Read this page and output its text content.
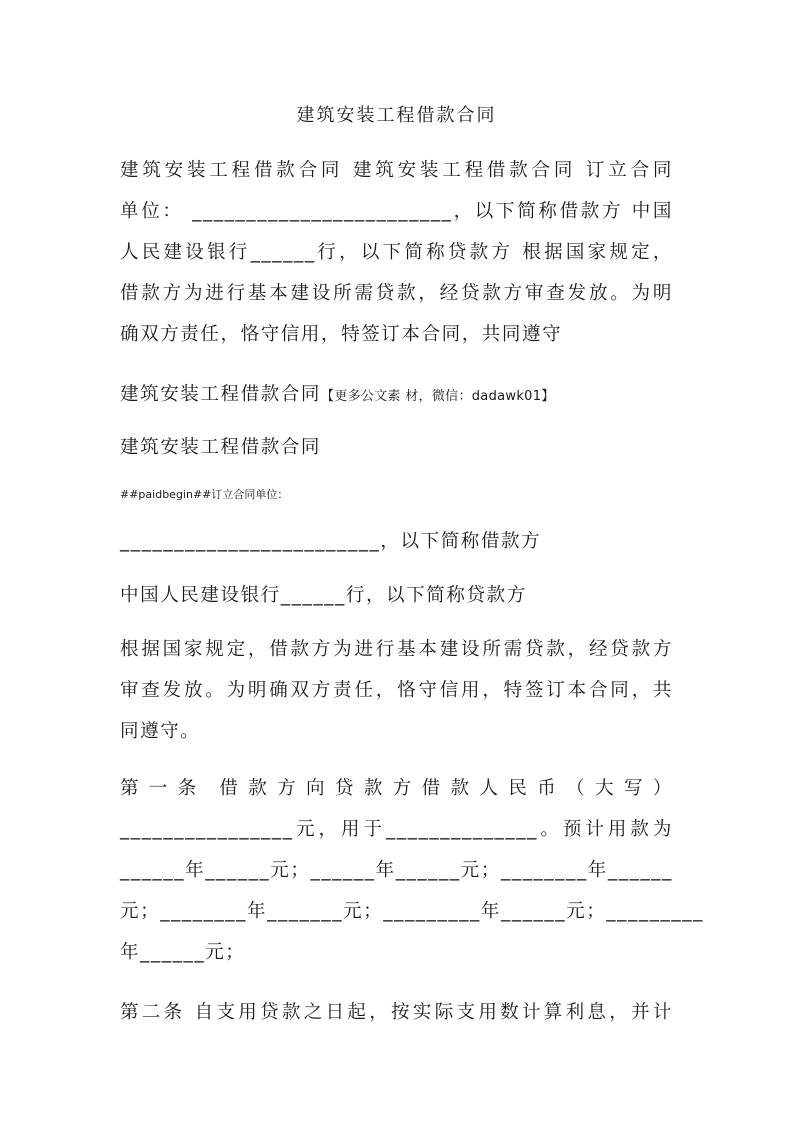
建筑安装工程借款合同
建筑安装工程借款合同 建筑安装工程借款合同 订立合同
单位： ________________________，以下简称借款方 中国
人民建设银行______行，以下简称贷款方 根据国家规定，
借款方为进行基本建设所需贷款，经贷款方审查发放。为明
确双方责任，恪守信用，特签订本合同，共同遵守
建筑安装工程借款合同【更多公文素 材，微信：dadawk01】
建筑安装工程借款合同
##paidbegin##订立合同单位：
________________________，以下简称借款方
中国人民建设银行______行，以下简称贷款方
根据国家规定，借款方为进行基本建设所需贷款，经贷款方
审查发放。为明确双方责任，恪守信用，特签订本合同，共
同遵守。
第 一 条　借 款 方 向 贷 款 方 借 款 人 民 币 （ 大 写 ）
________________元，用于______________。预计用款为
______年______元；______年______元；________年______
元；________年_______元；_________年______元；_________
年______元；
第二条 自支用贷款之日起，按实际支用数计算利息，并计
